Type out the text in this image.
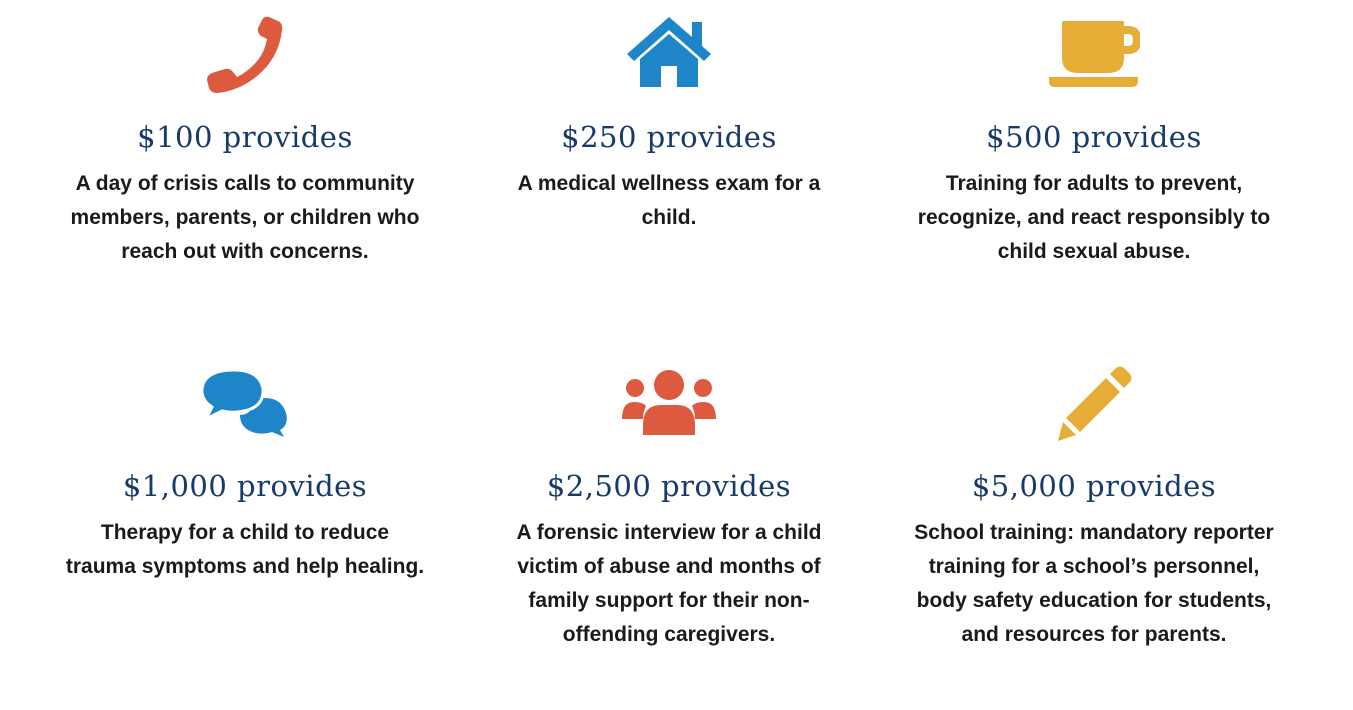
$100 provides
A day of crisis calls to community members, parents, or children who reach out with concerns.
$250 provides
A medical wellness exam for a child.
$500 provides
Training for adults to prevent, recognize, and react responsibly to child sexual abuse.
$1,000 provides
Therapy for a child to reduce trauma symptoms and help healing.
$2,500 provides
A forensic interview for a child victim of abuse and months of family support for their non-offending caregivers.
$5,000 provides
School training: mandatory reporter training for a school’s personnel, body safety education for students, and resources for parents.
